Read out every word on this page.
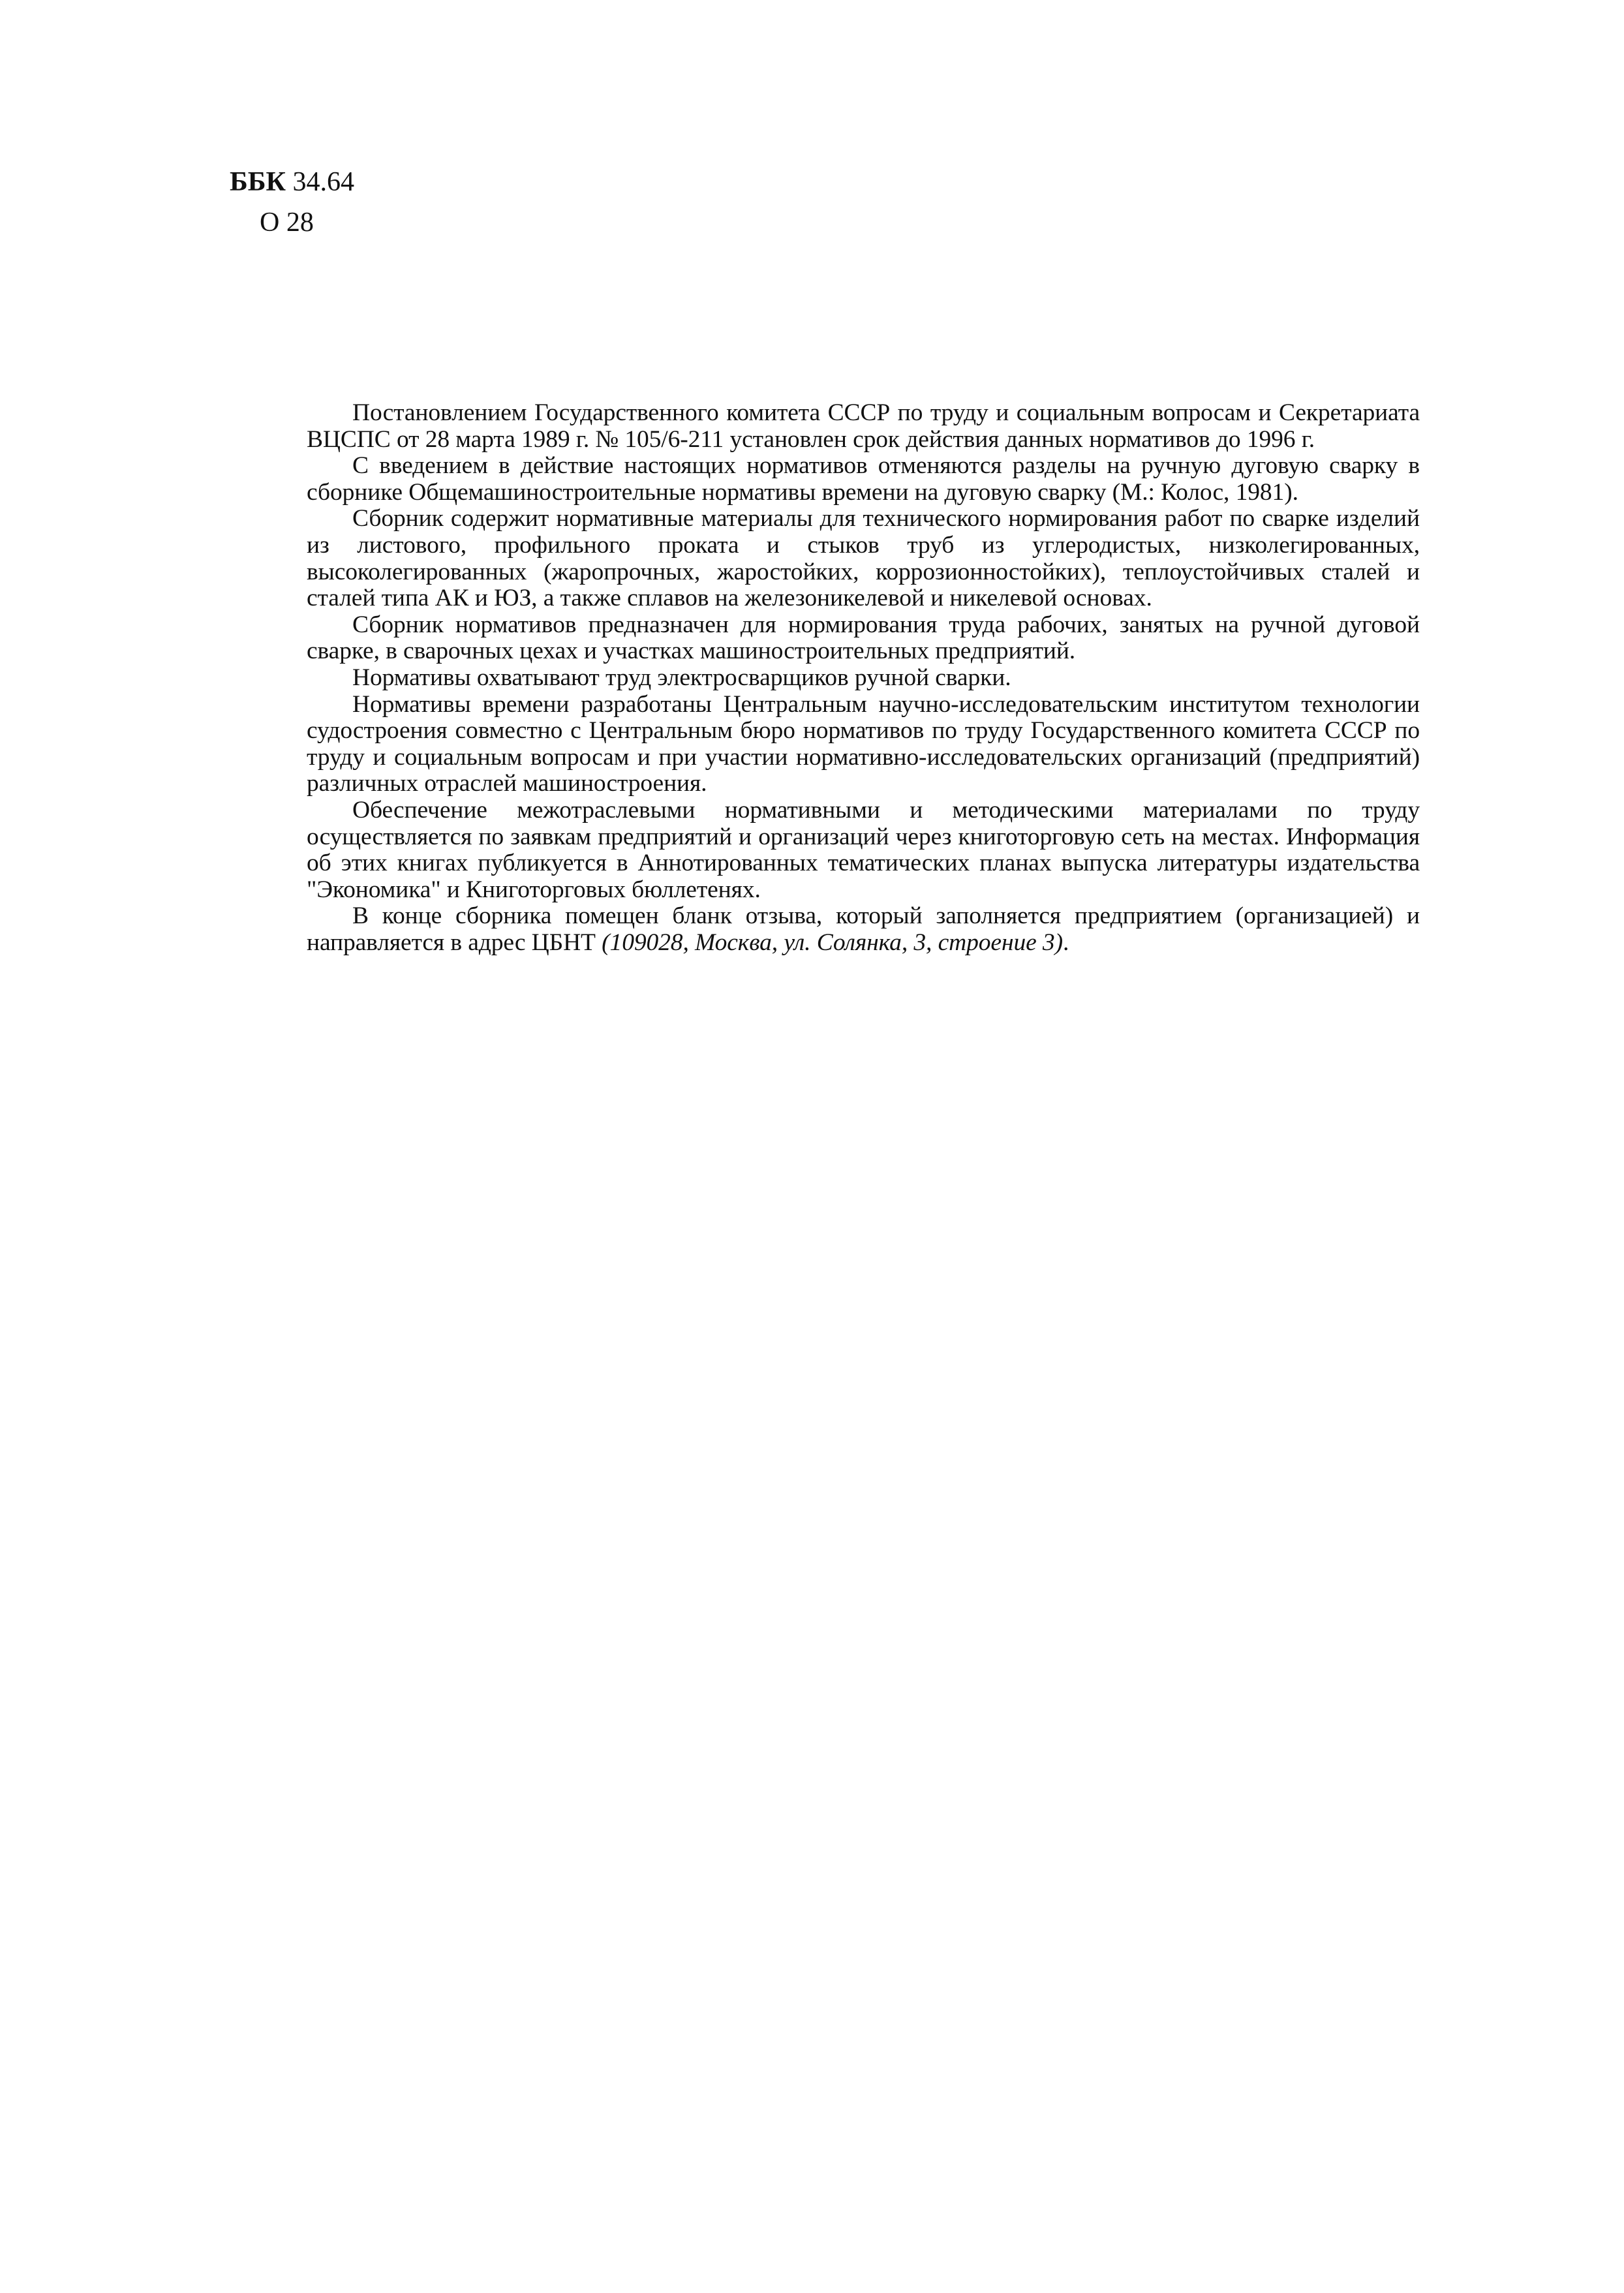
ББК 34.64
О 28

Постановлением Государственного комитета СССР по труду и социальным вопросам и Секретариата ВЦСПС от 28 марта 1989 г. № 105/6-211 установлен срок действия данных нормативов до 1996 г.

С введением в действие настоящих нормативов отменяются разделы на ручную дуговую сварку в сборнике Общемашиностроительные нормативы времени на дуговую сварку (М.: Колос, 1981).

Сборник содержит нормативные материалы для технического нормирования работ по сварке изделий из листового, профильного проката и стыков труб из углеродистых, низколегированных, высоколегированных (жаропрочных, жаростойких, коррозионностойких), теплоустойчивых сталей и сталей типа АК и ЮЗ, а также сплавов на железоникелевой и никелевой основах.

Сборник нормативов предназначен для нормирования труда рабочих, занятых на ручной дуговой сварке, в сварочных цехах и участках машиностроительных предприятий.

Нормативы охватывают труд электросварщиков ручной сварки.

Нормативы времени разработаны Центральным научно-исследовательским институтом технологии судостроения совместно с Центральным бюро нормативов по труду Государственного комитета СССР по труду и социальным вопросам и при участии нормативно-исследовательских организаций (предприятий) различных отраслей машиностроения.

Обеспечение межотраслевыми нормативными и методическими материалами по труду осуществляется по заявкам предприятий и организаций через книготорговую сеть на местах. Информация об этих книгах публикуется в Аннотированных тематических планах выпуска литературы издательства "Экономика" и Книготорговых бюллетенях.

В конце сборника помещен бланк отзыва, который заполняется предприятием (организацией) и направляется в адрес ЦБНТ (109028, Москва, ул. Солянка, 3, строение 3).
